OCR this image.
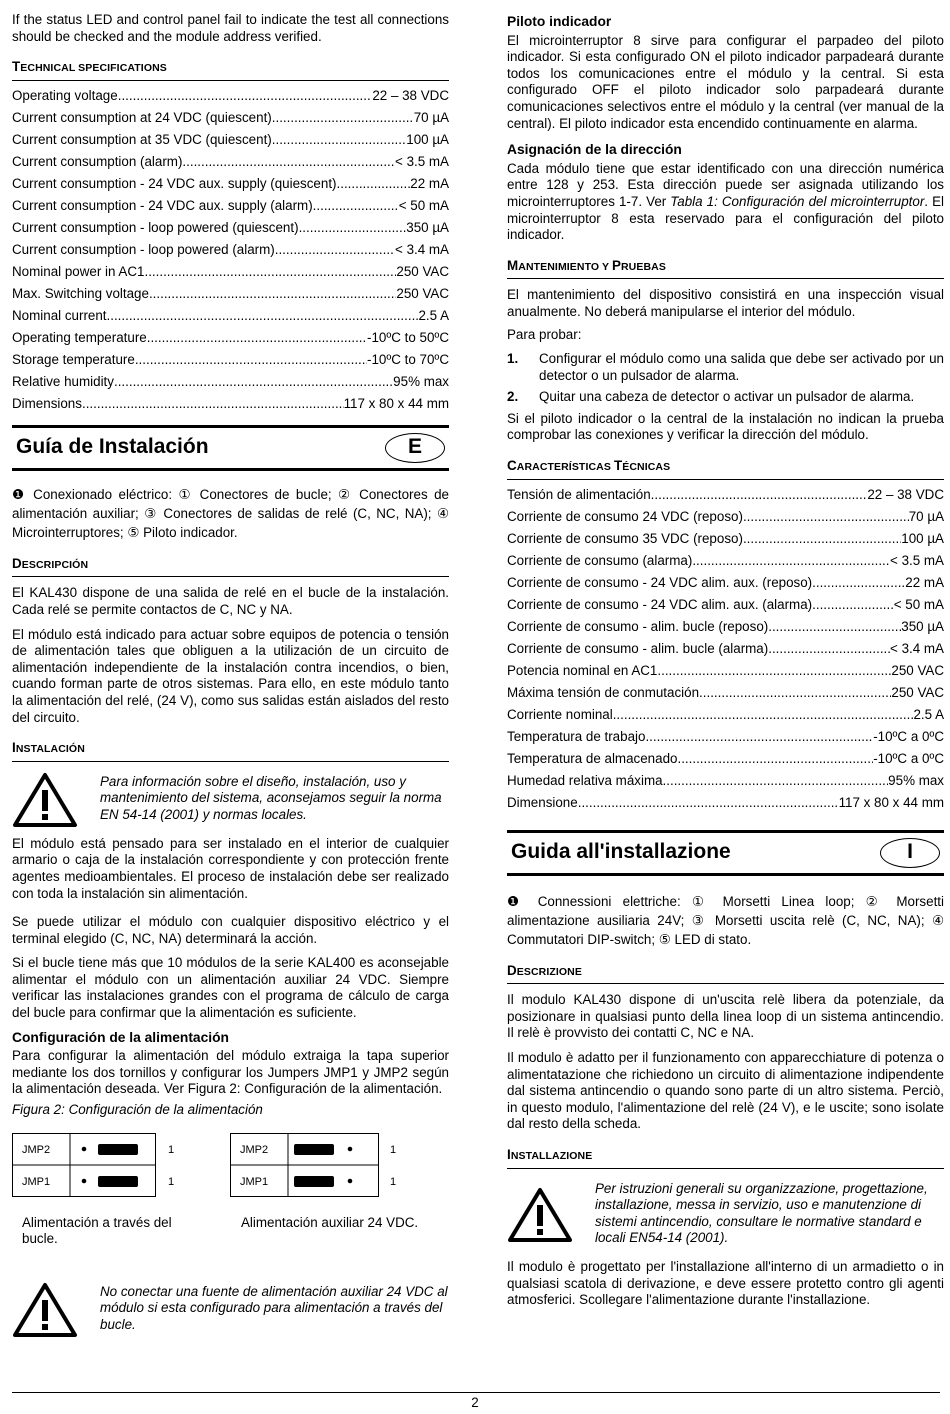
If the status LED and control panel fail to indicate the test all connections should be checked and the module address verified.

TECHNICAL SPECIFICATIONS
Operating voltage .....	22 – 38 VDC
Current consumption at 24 VDC (quiescent) .....	70 µA
Current consumption at 35 VDC (quiescent) .....	100 µA
Current consumption (alarm) .....	< 3.5 mA
Current consumption - 24 VDC aux. supply (quiescent) .....	22 mA
Current consumption - 24 VDC aux. supply (alarm) .....	< 50 mA
Current consumption - loop powered (quiescent) .....	350 µA
Current consumption - loop powered (alarm) .....	< 3.4 mA
Nominal power in AC1 .....	250 VAC
Max. Switching voltage .....	250 VAC
Nominal current .....	2.5 A
Operating temperature .....	-10ºC to 50ºC
Storage temperature .....	-10ºC to 70ºC
Relative humidity .....	95% max
Dimensions .....	117 x 80 x 44 mm
Guía de Instalación	E

❶ Conexionado eléctrico: ① Conectores de bucle; ② Conectores de alimentación auxiliar; ③ Conectores de salidas de relé (C, NC, NA); ④ Microinterruptores; ⑤ Piloto indicador.

DESCRIPCIÓN

El KAL430 dispone de una salida de relé en el bucle de la instalación. Cada relé se permite contactos de C, NC y NA.

El módulo está indicado para actuar sobre equipos de potencia o tensión de alimentación tales que obliguen a la utilización de un circuito de alimentación independiente de la instalación contra incendios, o bien, cuando forman parte de otros sistemas. Para ello, en este módulo tanto la alimentación del relé, (24 V), como sus salidas están aislados del resto del circuito.

INSTALACIÓN
Para información sobre el diseño, instalación, uso y mantenimiento del sistema, aconsejamos seguir la norma EN 54-14 (2001) y normas locales.

El módulo está pensado para ser instalado en el interior de cualquier armario o caja de la instalación correspondiente y con protección frente agentes medioambientales. El proceso de instalación debe ser realizado con toda la instalación sin alimentación.

Se puede utilizar el módulo con cualquier dispositivo eléctrico y el terminal elegido (C, NC, NA) determinará la acción.

Si el bucle tiene más que 10 módulos de la serie KAL400 es aconsejable alimentar el módulo con un alimentación auxiliar 24 VDC. Siempre verificar las instalaciones grandes con el programa de cálculo de carga del bucle para confirmar que la alimentación es suficiente.

Configuración de la alimentación

Para configurar la alimentación del módulo extraiga la tapa superior mediante los dos tornillos y configurar los Jumpers JMP1 y JMP2 según la alimentación deseada. Ver Figura 2: Configuración de la alimentación.

Figura 2: Configuración de la alimentación

JMP2
JMP1
1
1
JMP2
JMP1
1
1
Alimentación a través del bucle.
Alimentación auxiliar 24 VDC.
No conectar una fuente de alimentación auxiliar 24 VDC al módulo si esta configurado para alimentación a través del bucle.
Piloto indicador

El microinterruptor 8 sirve para configurar el parpadeo del piloto indicador. Si esta configurado ON el piloto indicador parpadeará durante todos los comunicaciones entre el módulo y la central. Si esta configurado OFF el piloto indicador solo parpadeará durante comunicaciones selectivos entre el módulo y la central (ver manual de la central). El piloto indicador esta encendido continuamente en alarma.

Asignación de la dirección

Cada módulo tiene que estar identificado con una dirección numérica entre 128 y 253. Esta dirección puede ser asignada utilizando los microinterruptores 1-7. Ver Tabla 1: Configuración del microinterruptor. El microinterruptor 8 esta reservado para el configuración del piloto indicador.

MANTENIMIENTO Y PRUEBAS

El mantenimiento del dispositivo consistirá en una inspección visual anualmente. No deberá manipularse el interior del módulo.

Para probar:

1.	Configurar el módulo como una salida que debe ser activado por un detector o un pulsador de alarma.
2.	Quitar una cabeza de detector o activar un pulsador de alarma.

Si el piloto indicador o la central de la instalación no indican la prueba comprobar las conexiones y verificar la dirección del módulo.

CARACTERÍSTICAS TÉCNICAS
Tensión de alimentación .....	22 – 38 VDC
Corriente de consumo 24 VDC (reposo) .....	70 µA
Corriente de consumo 35 VDC (reposo) .....	100 µA
Corriente de consumo (alarma) .....	< 3.5 mA
Corriente de consumo - 24 VDC alim. aux. (reposo) .....	22 mA
Corriente de consumo - 24 VDC alim. aux. (alarma) .....	< 50 mA
Corriente de consumo - alim. bucle (reposo) .....	350 µA
Corriente de consumo - alim. bucle (alarma) .....	< 3.4 mA
Potencia nominal en AC1 .....	250 VAC
Máxima tensión de conmutación .....	250 VAC
Corriente nominal .....	2.5 A
Temperatura de trabajo .....	-10ºC a 0ºC
Temperatura de almacenado .....	-10ºC a 0ºC
Humedad relativa máxima .....	95% max
Dimensione .....	117 x 80 x 44 mm
Guida all'installazione	I

❶ Connessioni elettriche: ① Morsetti Linea loop; ② Morsetti alimentazione ausiliaria 24V; ③ Morsetti uscita relè (C, NC, NA); ④ Commutatori DIP-switch; ⑤ LED di stato.

DESCRIZIONE

Il modulo KAL430 dispone di un'uscita relè libera da potenziale, da posizionare in qualsiasi punto della linea loop di un sistema antincendio. Il relè è provvisto dei contatti C, NC e NA.

Il modulo è adatto per il funzionamento con apparecchiature di potenza o alimentatazione che richiedono un circuito di alimentazione indipendente dal sistema antincendio o quando sono parte di un altro sistema. Perciò, in questo modulo, l'alimentazione del relè (24 V), e le uscite; sono isolate dal resto della scheda.

INSTALLAZIONE
Per istruzioni generali su organizzazione, progettazione, installazione, messa in servizio, uso e manutenzione di sistemi antincendio, consultare le normative standard e locali EN54-14 (2001).

Il modulo è progettato per l'installazione all'interno di un armadietto o in qualsiasi scatola di derivazione, e deve essere protetto contro gli agenti atmosferici. Scollegare l'alimentazione durante l'installazione.

2
